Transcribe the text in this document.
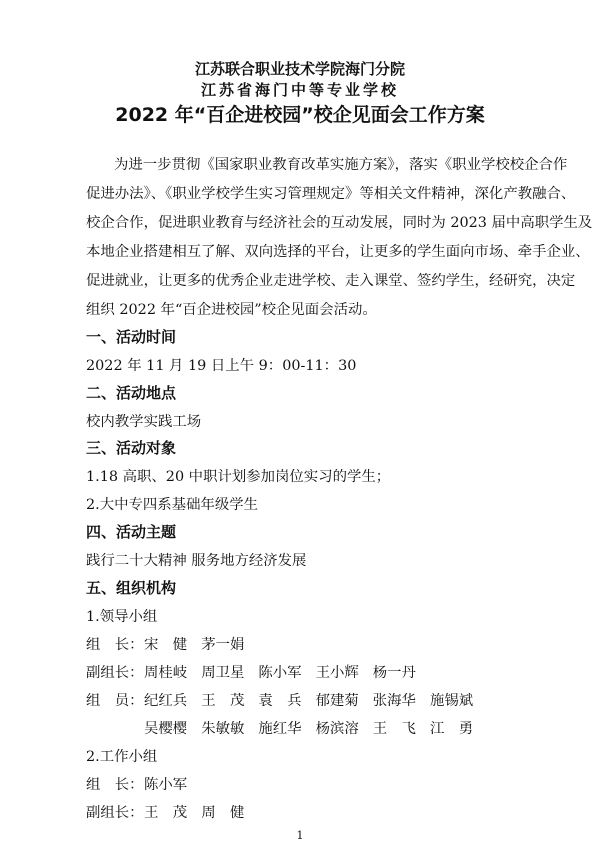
江苏联合职业技术学院海门分院
江苏省海门中等专业学校
2022 年“百企进校园”校企见面会工作方案
为进一步贯彻《国家职业教育改革实施方案》，落实《职业学校校企合作
促进办法》、《职业学校学生实习管理规定》等相关文件精神，深化产教融合、
校企合作，促进职业教育与经济社会的互动发展，同时为 2023 届中高职学生及
本地企业搭建相互了解、双向选择的平台，让更多的学生面向市场、牵手企业、
促进就业，让更多的优秀企业走进学校、走入课堂、签约学生，经研究，决定
组织 2022 年“百企进校园”校企见面会活动。
一、活动时间
2022 年 11 月 19 日上午 9：00-11：30
二、活动地点
校内教学实践工场
三、活动对象
1.18 高职、20 中职计划参加岗位实习的学生；
2.大中专四系基础年级学生
四、活动主题
践行二十大精神 服务地方经济发展
五、组织机构
1.领导小组
组　长：宋　健 茅一娟
副组长：周桂岐 周卫星 陈小军 王小辉 杨一丹
组　员：纪红兵 王　茂 袁　兵 郁建菊 张海华 施锡斌
吴樱樱 朱敏敏 施红华 杨滨溶 王　飞 江　勇
2.工作小组
1
组　长：陈小军
副组长：王　茂 周　健
